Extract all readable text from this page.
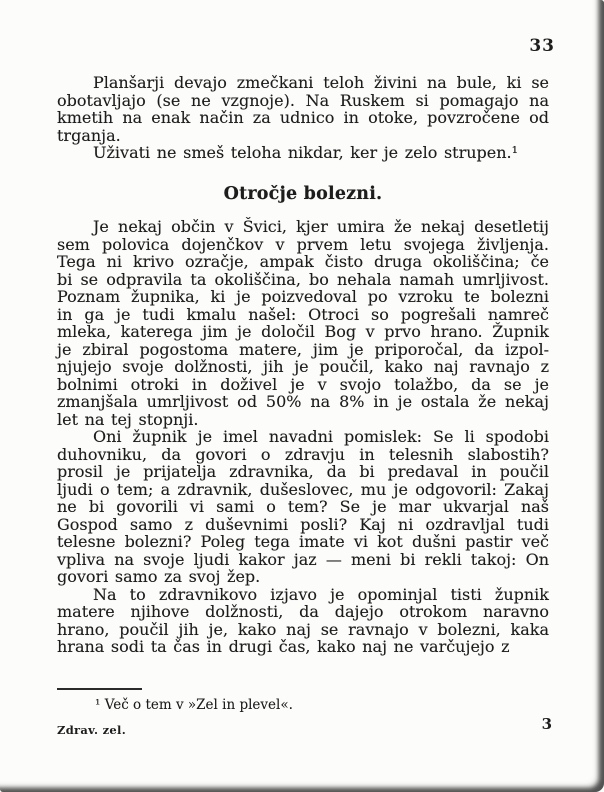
33
Planšarji devajo zmečkani teloh živini na bule, ki se
obotavljajo (se ne vzgnoje). Na Ruskem si pomagajo na
kmetih na enak način za udnico in otoke, povzročene od
trganja.
Uživati ne smeš teloha nikdar, ker je zelo strupen.¹
Otročje bolezni.
Je nekaj občin v Švici, kjer umira že nekaj desetletij
sem polovica dojenčkov v prvem letu svojega življenja.
Tega ni krivo ozračje, ampak čisto druga okoliščina; če
bi se odpravila ta okoliščina, bo nehala namah umrljivost.
Poznam župnika, ki je poizvedoval po vzroku te bolezni
in ga je tudi kmalu našel: Otroci so pogrešali namreč
mleka, katerega jim je določil Bog v prvo hrano. Župnik
je zbiral pogostoma matere, jim je priporočal, da izpol-
njujejo svoje dolžnosti, jih je poučil, kako naj ravnajo z
bolnimi otroki in doživel je v svojo tolažbo, da se je
zmanjšala umrljivost od 50% na 8% in je ostala že nekaj
let na tej stopnji.
Oni župnik je imel navadni pomislek: Se li spodobi
duhovniku, da govori o zdravju in telesnih slabostih?
prosil je prijatelja zdravnika, da bi predaval in poučil
ljudi o tem; a zdravnik, dušeslovec, mu je odgovoril: Zakaj
ne bi govorili vi sami o tem? Se je mar ukvarjal naš
Gospod samo z duševnimi posli? Kaj ni ozdravljal tudi
telesne bolezni? Poleg tega imate vi kot dušni pastir več
vpliva na svoje ljudi kakor jaz — meni bi rekli takoj: On
govori samo za svoj žep.
Na to zdravnikovo izjavo je opominjal tisti župnik
matere njihove dolžnosti, da dajejo otrokom naravno
hrano, poučil jih je, kako naj se ravnajo v bolezni, kaka
hrana sodi ta čas in drugi čas, kako naj ne varčujejo z
¹ Več o tem v »Zel in plevel«.
Zdrav. zel.	3
